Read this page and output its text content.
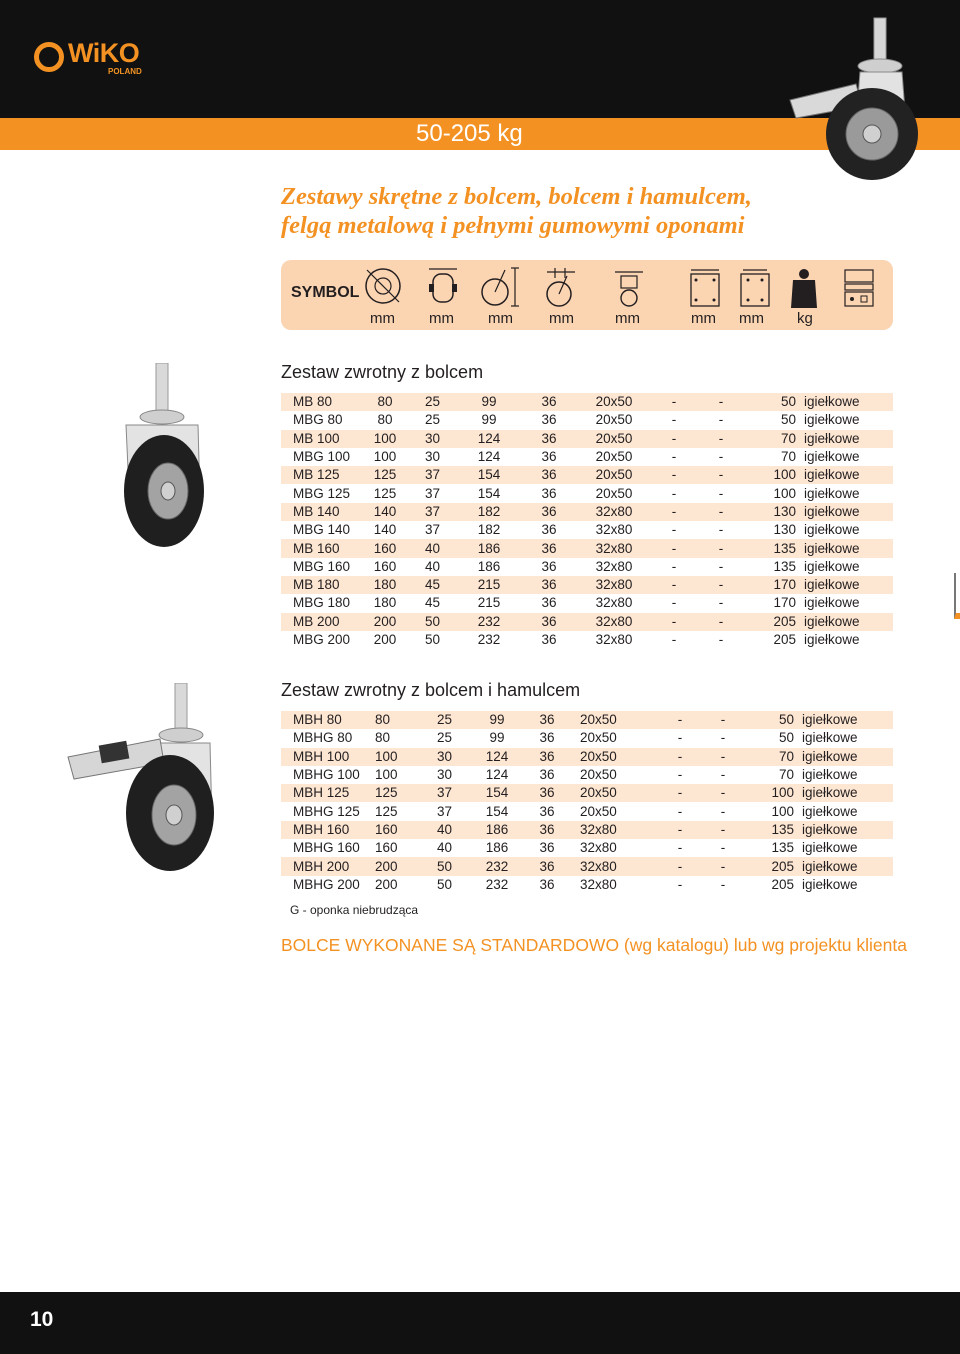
WiKO
POLAND
50-205 kg
Zestawy skrętne z bolcem, bolcem i hamulcem,
felgą metalową i pełnymi gumowymi oponami
SYMBOL
mm mm mm mm	mm	mm mm kg
Zestaw zwrotny z bolcem
MB 80	80	25	99	36	20x50	-	-	50	igiełkowe
MBG 80	80	25	99	36	20x50	-	-	50	igiełkowe
MB 100	100	30	124	36	20x50	-	-	70	igiełkowe
MBG 100	100	30	124	36	20x50	-	-	70	igiełkowe
MB 125	125	37	154	36	20x50	-	-	100	igiełkowe
MBG 125	125	37	154	36	20x50	-	-	100	igiełkowe
MB 140	140	37	182	36	32x80	-	-	130	igiełkowe
MBG 140	140	37	182	36	32x80	-	-	130	igiełkowe
MB 160	160	40	186	36	32x80	-	-	135	igiełkowe
MBG 160	160	40	186	36	32x80	-	-	135	igiełkowe
MB 180	180	45	215	36	32x80	-	-	170	igiełkowe
MBG 180	180	45	215	36	32x80	-	-	170	igiełkowe
MB 200	200	50	232	36	32x80	-	-	205	igiełkowe
MBG 200	200	50	232	36	32x80	-	-	205	igiełkowe
Zestaw zwrotny z bolcem i hamulcem
MBH 80	80	25	99	36	20x50	-	-	50	igiełkowe
MBHG 80	80	25	99	36	20x50	-	-	50	igiełkowe
MBH 100	100	30	124	36	20x50	-	-	70	igiełkowe
MBHG 100	100	30	124	36	20x50	-	-	70	igiełkowe
MBH 125	125	37	154	36	20x50	-	-	100	igiełkowe
MBHG 125	125	37	154	36	20x50	-	-	100	igiełkowe
MBH 160	160	40	186	36	32x80	-	-	135	igiełkowe
MBHG 160	160	40	186	36	32x80	-	-	135	igiełkowe
MBH 200	200	50	232	36	32x80	-	-	205	igiełkowe
MBHG 200	200	50	232	36	32x80	-	-	205	igiełkowe
G - oponka niebrudząca
BOLCE WYKONANE SĄ STANDARDOWO (wg katalogu) lub wg projektu klienta
10
